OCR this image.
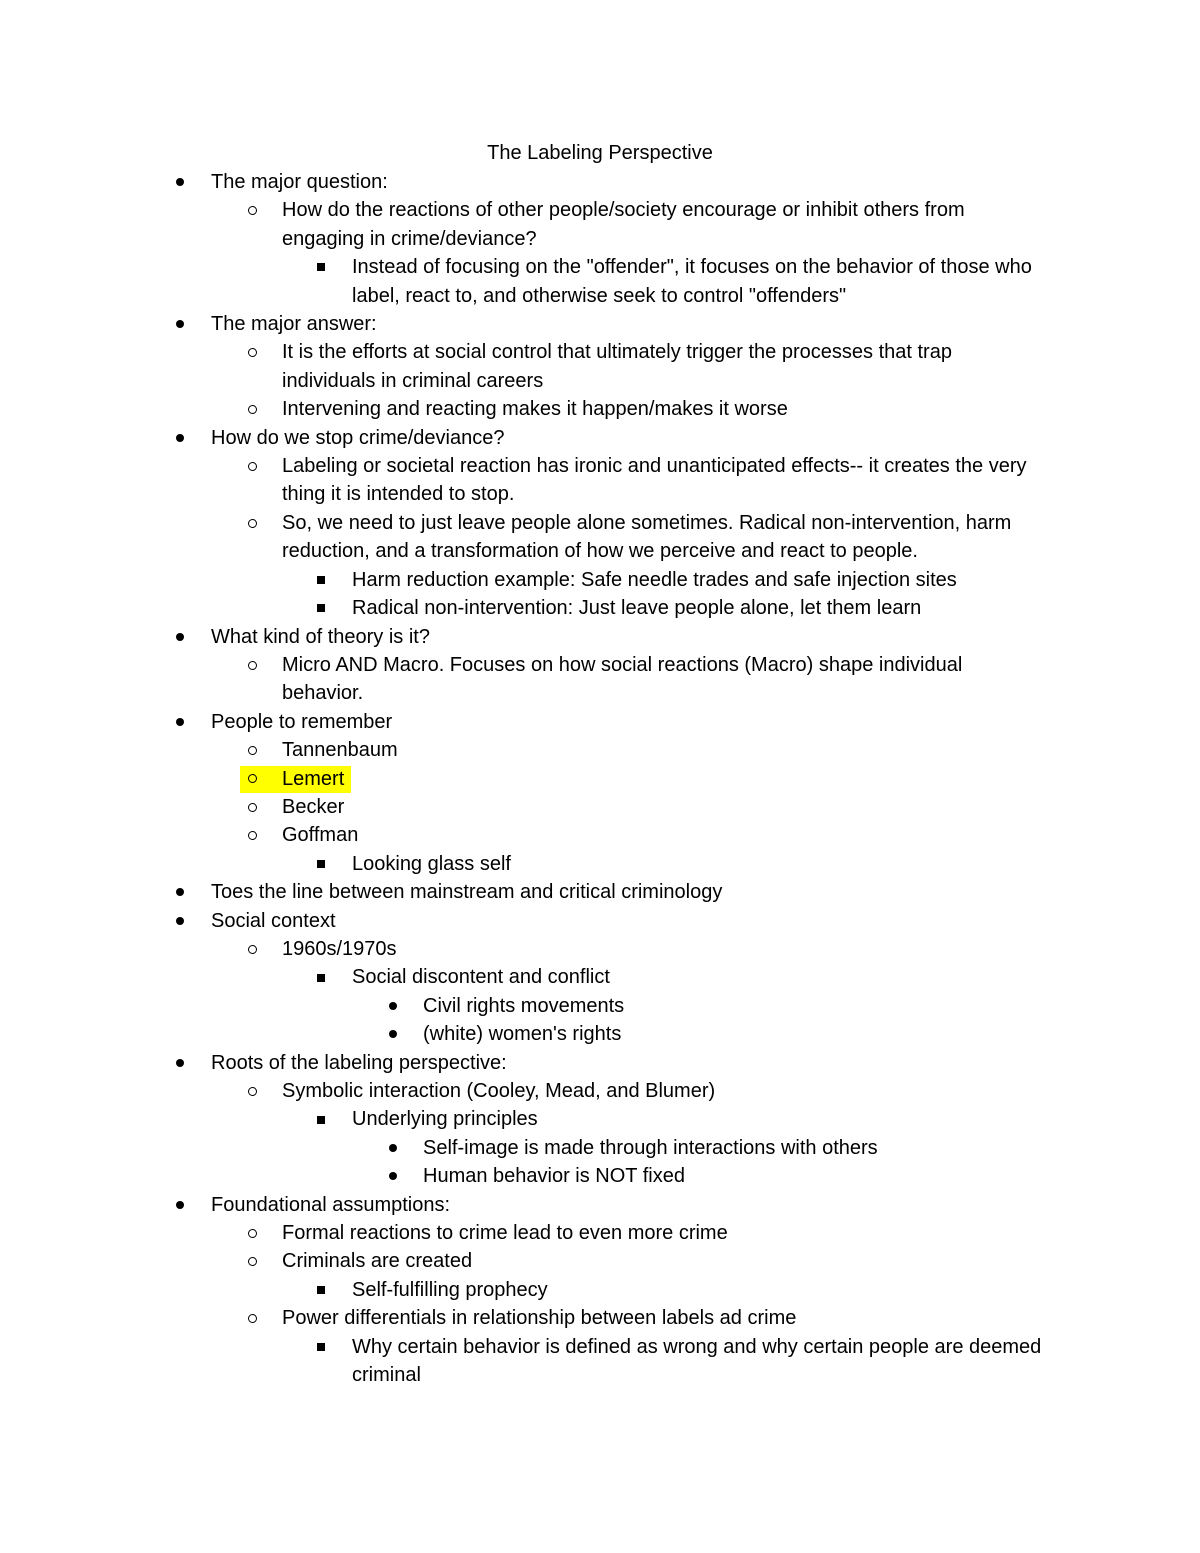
The Labeling Perspective
The major question:
How do the reactions of other people/society encourage or inhibit others from engaging in crime/deviance?
Instead of focusing on the "offender", it focuses on the behavior of those who label, react to, and otherwise seek to control "offenders"
The major answer:
It is the efforts at social control that ultimately trigger the processes that trap individuals in criminal careers
Intervening and reacting makes it happen/makes it worse
How do we stop crime/deviance?
Labeling or societal reaction has ironic and unanticipated effects-- it creates the very thing it is intended to stop.
So, we need to just leave people alone sometimes. Radical non-intervention, harm reduction, and a transformation of how we perceive and react to people.
Harm reduction example: Safe needle trades and safe injection sites
Radical non-intervention: Just leave people alone, let them learn
What kind of theory is it?
Micro AND Macro. Focuses on how social reactions (Macro) shape individual behavior.
People to remember
Tannenbaum
Lemert
Becker
Goffman
Looking glass self
Toes the line between mainstream and critical criminology
Social context
1960s/1970s
Social discontent and conflict
Civil rights movements
(white) women's rights
Roots of the labeling perspective:
Symbolic interaction (Cooley, Mead, and Blumer)
Underlying principles
Self-image is made through interactions with others
Human behavior is NOT fixed
Foundational assumptions:
Formal reactions to crime lead to even more crime
Criminals are created
Self-fulfilling prophecy
Power differentials in relationship between labels ad crime
Why certain behavior is defined as wrong and why certain people are deemed criminal
